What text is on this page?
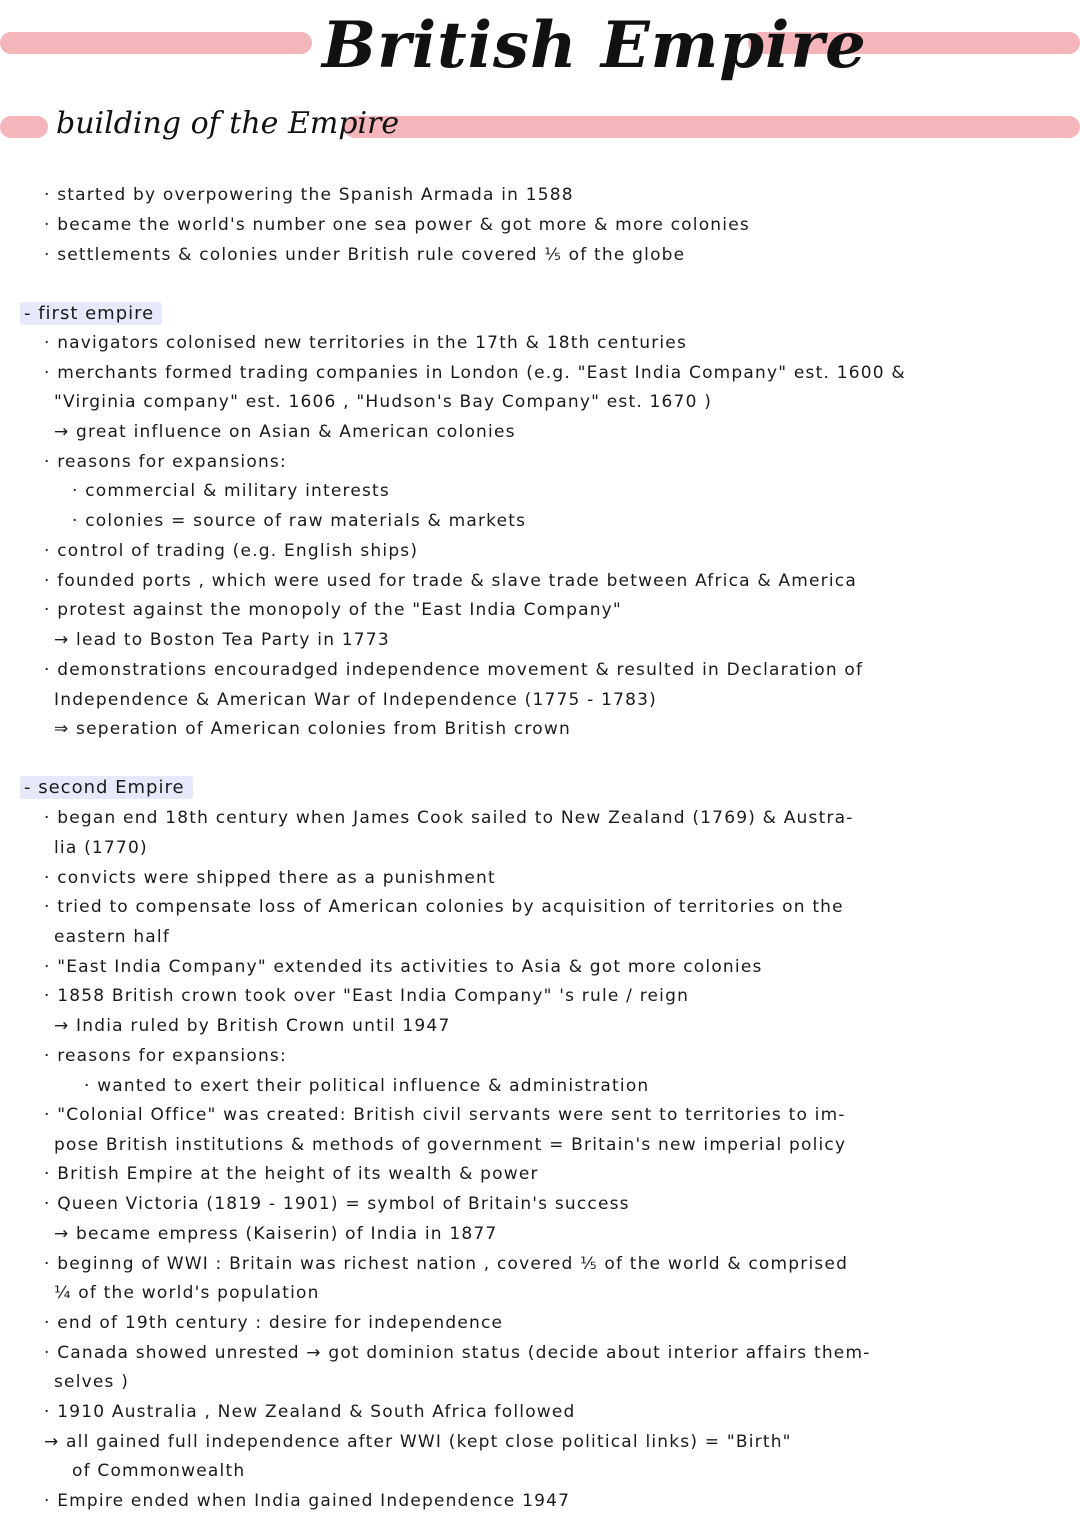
British Empire
building of the Empire
· started by overpowering the Spanish Armada in 1588
· became the world's number one sea power & got more & more colonies
· settlements & colonies under British rule covered ⅕ of the globe
- first empire
· navigators colonised new territories in the 17th & 18th centuries
· merchants formed trading companies in London (e.g. "East India Company" est. 1600 &
"Virginia company" est. 1606 , "Hudson's Bay Company" est. 1670 )
→ great influence on Asian & American colonies
· reasons for expansions:
· commercial & military interests
· colonies = source of raw materials & markets
· control of trading (e.g. English ships)
· founded ports , which were used for trade & slave trade between Africa & America
· protest against the monopoly of the "East India Company"
→ lead to Boston Tea Party in 1773
· demonstrations encouradged independence movement & resulted in Declaration of
Independence & American War of Independence (1775 - 1783)
⇒ seperation of American colonies from British crown
- second Empire
· began end 18th century when James Cook sailed to New Zealand (1769) & Austra-
lia (1770)
· convicts were shipped there as a punishment
· tried to compensate loss of American colonies by acquisition of territories on the
eastern half
· "East India Company" extended its activities to Asia & got more colonies
· 1858 British crown took over "East India Company" 's rule / reign
→ India ruled by British Crown until 1947
· reasons for expansions:
· wanted to exert their political influence & administration
· "Colonial Office" was created: British civil servants were sent to territories to im-
pose British institutions & methods of government = Britain's new imperial policy
· British Empire at the height of its wealth & power
· Queen Victoria (1819 - 1901) = symbol of Britain's success
→ became empress (Kaiserin) of India in 1877
· beginng of WWI : Britain was richest nation , covered ⅕ of the world & comprised
¼ of the world's population
· end of 19th century : desire for independence
· Canada showed unrested → got dominion status (decide about interior affairs them-
selves )
· 1910 Australia , New Zealand & South Africa followed
→ all gained full independence after WWI (kept close political links) = "Birth"
of Commonwealth
· Empire ended when India gained Independence 1947
